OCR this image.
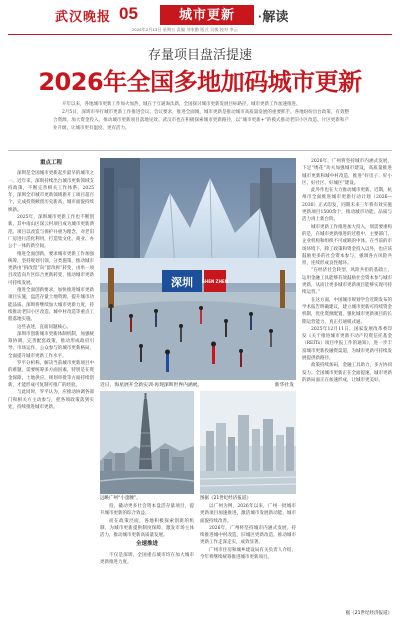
武汉晚报 05	城市更新	·解读
2026年2月13日 星期五 责编 刘家勤 版式 吴敏 校对 李云
存量项目盘活提速
2026年全国多地加码城市更新

开年以来，各地城市更新工作加火加热，城在于互通淘汰新，全国探讨城市更新发展目标路径，城市更新工作加速推进。

2月5日，深圳市举行城市更新工作推进会议。会议要求，推进全面城，城市更新是推动城市高质量发展的重要抓手。各地纷纷出台政策，有效整合资源，加大资金投入，推动城市更新项目落地见效。武汉市也在积极探索城市更新路径，以“城市更新+”的模式推动老旧小区改造、片区更新和产业升级，让城市更有温度、更有活力。

重点工程

深圳是全国城市更新起步最早的城市之一。近年来，深圳持续出台城市更新领域支持政策，不断完善相关工作体系。2025年，深圳全市城市更新领域新开工项目超百个，完成投资额创历史新高，城市面貌持续焕新。

2025年，深圳城市更新工作也不断创新，其中南山区深云村项目成为城市更新典范。项目以改造与保护并重为理念，对老旧厂房进行活化利用，打造集文化、商业、办公于一体的新空间。

推进全面创新，要求城市更新工作加强统筹，坚持规划引领，分类施策，推动城市更新由“拆改留”向“留改拆”转变，由单一项目改造向片区综合更新转变，推动城市更新可持续发展。

推进全面创新要求，加快推进城市更新项目实施，盘活存量土地资源，提升城市功能品质。深圳将继续加大城市更新力度，持续推动老旧小区改造、城中村改造等重点工程落地实施。

这些表述，直面问题核心。

深圳市创新城市更新体制机制，加强统筹协调，完善配套政策，推动形成政府引导、市场运作、公众参与的城市更新格局，全面提升城市更新工作水平。

罗平分析称，解决当前城市更新项目中的难题，需要统筹多方面因素，特别是在资金保障、土地供应、规划审批等方面持续创新，才能形成可复制可推广的经验。

与此同时，罗平认为，应推动协调各部门和相关方主动参与，把各项政策落到实处，持续推进城市更新。

2026年，广州将坚持城市内涵式发展，下足“绣花”功夫加强城市建设，高质量推进城市更新和城中村改造，推进“好房子、好小区、好社区、好城区”建设。

此外作也在大力推动城市更新。近期，杭州市全面推进城市更新行动计划（2026—2030）正式印发，同期未来三年将有效实施更新项目1500余个，推动城市功能、品质与活力再上新台阶。

城市更新工作推进加大投入，划需要重构的是，在城市更新推进的过程中，主要部门，企业机构和组织不可或缺的中体。在当前的市场环境下，除了政策和资金投入以外，也应该鼓励更多的社会资本参与，强调各方风险共担，连续形成良性循环。

“在经济社会转型，风险共担的基础上，运用金融工具能够有效鼓励社会资本参与城市更新，从而让更多城市更新项目能够实现可持续运营。”

在这方面，中国城市规划学会近期发布的学术报告明确建议，建立城市更新可持续资金机制，优化资源配置，强化城市更新项目的长期运营能力，真正打通模式通。

2025年12月11日，国家发展改革委印发《关于推进城市更新不动产投资信托基金（REITs）项目申报工作的通知》，进一步丰富城市更新投融资渠道，为城市更新可持续发展提供新路径。

政策持续加码，金融工具助力，多方协同发力。全国城市更新正在全面提速，城市更新的新局面正在加速形成，让城市更美好。

投，撬动更多社会资本盘活存量项目，提升城市更新的综合效益。

而在政策层面，各地积极探索创新的机制，为城市更新提供制度保障，激发市场主体活力，推动城市更新高质量发展。

全速推进

不仅是深圳，全国重点城市均在加大城市更新推进力度。

以广州为例，2026年以来，广州一批城市更新项目加速推进，激活城市发展新动能，城市面貌持续改善。

2026年，广州将坚持城市内涵式发展，持续推进城中村改造，旧城区更新改造。推动城市更新工作走深走实，成效显著。

广州市住房和城乡建设局有关负责人介绍，今年将继续统筹推进城市更新项目。

深圳 SHEN ZHEN
近日，海星展开全新实训·再现深圳世界内涵展。	新华社发
远眺广州“小蛮腰”。	图据《21世纪经济报道》
据《21世纪经济报道》
